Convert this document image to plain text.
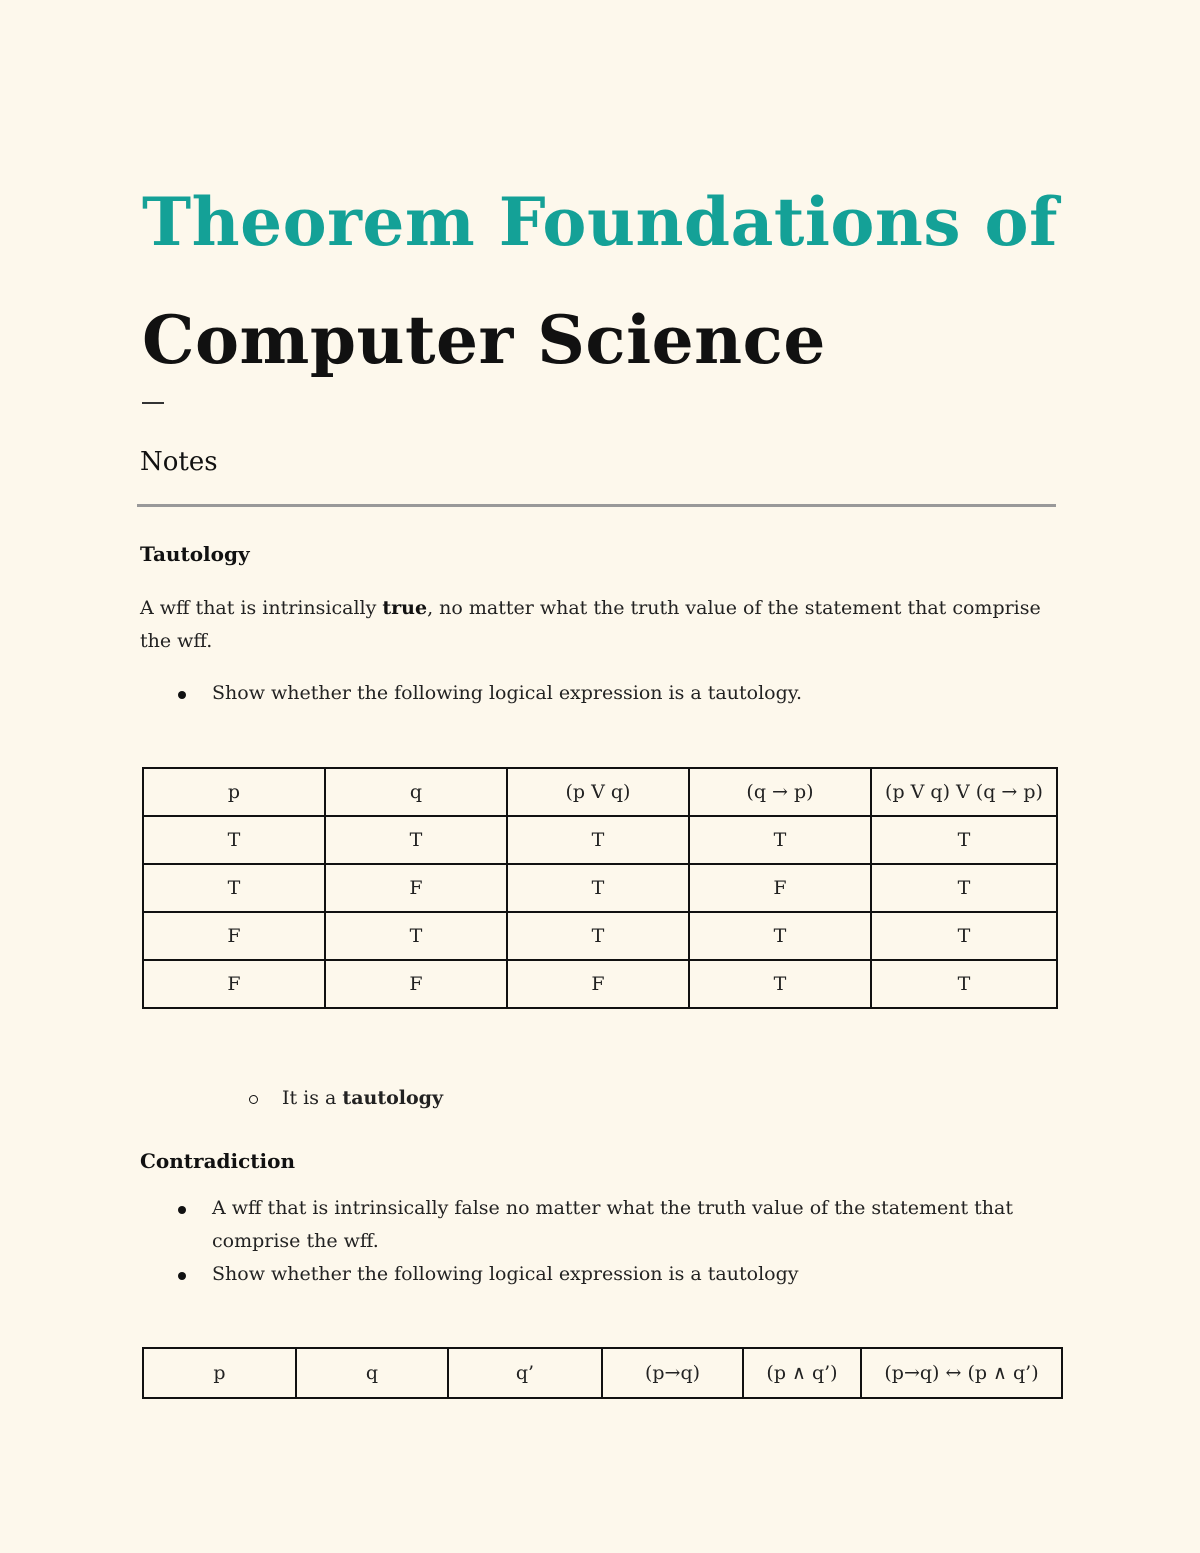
Theorem Foundations of
Computer Science
Notes
Tautology
A wff that is intrinsically true, no matter what the truth value of the statement that comprise the wff.
Show whether the following logical expression is a tautology.
p	q	(p V q)	(q → p)	(p V q) V (q → p)
T	T	T	T	T
T	F	T	F	T
F	T	T	T	T
F	F	F	T	T
It is a tautology
Contradiction
A wff that is intrinsically false no matter what the truth value of the statement that comprise the wff.
Show whether the following logical expression is a tautology
p	q	q’	(p→q)	(p ∧ q’)	(p→q) ↔ (p ∧ q’)
